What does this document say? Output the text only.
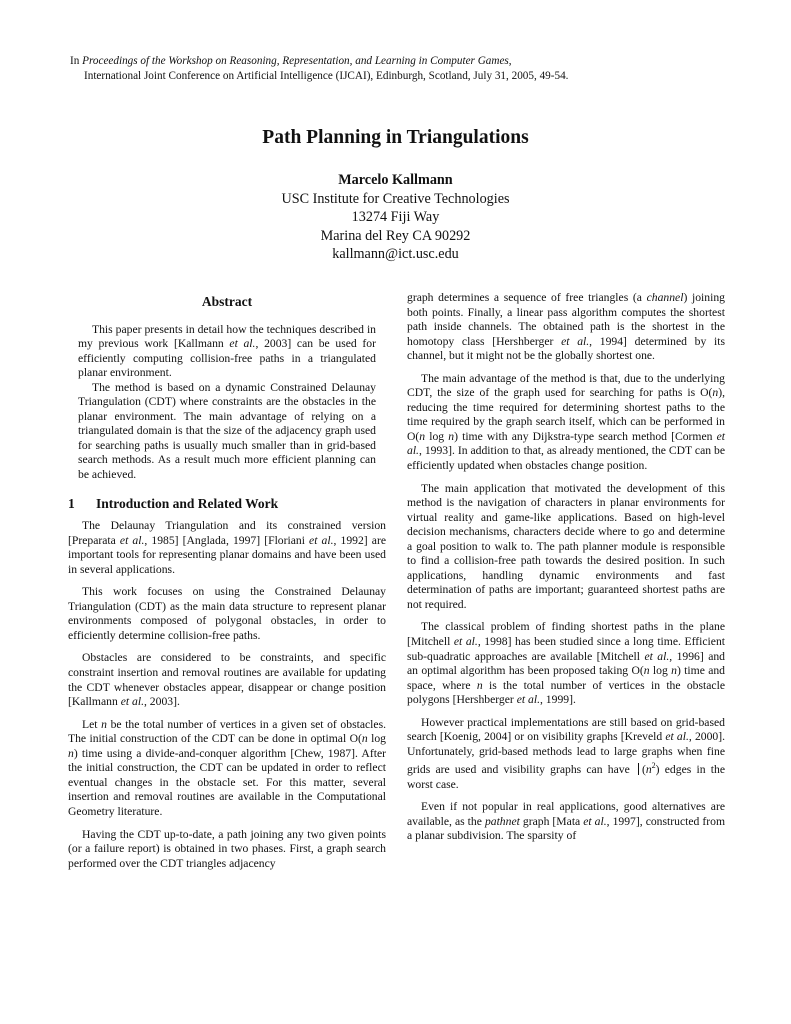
In Proceedings of the Workshop on Reasoning, Representation, and Learning in Computer Games,

International Joint Conference on Artificial Intelligence (IJCAI), Edinburgh, Scotland, July 31, 2005, 49-54.

Path Planning in Triangulations
Marcelo Kallmann
USC Institute for Creative Technologies
13274 Fiji Way
Marina del Rey CA 90292
kallmann@ict.usc.edu
Abstract

This paper presents in detail how the techniques described in my previous work [Kallmann et al., 2003] can be used for efficiently computing collision-free paths in a triangulated planar environment.

The method is based on a dynamic Constrained Delaunay Triangulation (CDT) where constraints are the obstacles in the planar environment. The main advantage of relying on a triangulated domain is that the size of the adjacency graph used for searching paths is usually much smaller than in grid-based search methods. As a result much more efficient planning can be achieved.

1	Introduction and Related Work

The Delaunay Triangulation and its constrained version [Preparata et al., 1985] [Anglada, 1997] [Floriani et al., 1992] are important tools for representing planar domains and have been used in several applications.

This work focuses on using the Constrained Delaunay Triangulation (CDT) as the main data structure to represent planar environments composed of polygonal obstacles, in order to efficiently determine collision-free paths.

Obstacles are considered to be constraints, and specific constraint insertion and removal routines are available for updating the CDT whenever obstacles appear, disappear or change position [Kallmann et al., 2003].

Let n be the total number of vertices in a given set of obstacles. The initial construction of the CDT can be done in optimal O(n log n) time using a divide-and-conquer algorithm [Chew, 1987]. After the initial construction, the CDT can be updated in order to reflect eventual changes in the obstacle set. For this matter, several insertion and removal routines are available in the Computational Geometry literature.

Having the CDT up-to-date, a path joining any two given points (or a failure report) is obtained in two phases. First, a graph search performed over the CDT triangles adjacency

graph determines a sequence of free triangles (a channel) joining both points. Finally, a linear pass algorithm computes the shortest path inside channels. The obtained path is the shortest in the homotopy class [Hershberger et al., 1994] determined by its channel, but it might not be the globally shortest one.

The main advantage of the method is that, due to the underlying CDT, the size of the graph used for searching for paths is O(n), reducing the time required for determining shortest paths to the time required by the graph search itself, which can be performed in O(n log n) time with any Dijkstra-type search method [Cormen et al., 1993]. In addition to that, as already mentioned, the CDT can be efficiently updated when obstacles change position.

The main application that motivated the development of this method is the navigation of characters in planar environments for virtual reality and game-like applications. Based on high-level decision mechanisms, characters decide where to go and determine a goal position to walk to. The path planner module is responsible to find a collision-free path towards the desired position. In such applications, handling dynamic environments and fast determination of paths are important; guaranteed shortest paths are not required.

The classical problem of finding shortest paths in the plane [Mitchell et al., 1998] has been studied since a long time. Efficient sub-quadratic approaches are available [Mitchell et al., 1996] and an optimal algorithm has been proposed taking O(n log n) time and space, where n is the total number of vertices in the obstacle polygons [Hershberger et al., 1999].

However practical implementations are still based on grid-based search [Koenig, 2004] or on visibility graphs [Kreveld et al., 2000]. Unfortunately, grid-based methods lead to large graphs when fine grids are used and visibility graphs can have $(n^2)$ edges in the worst case.

Even if not popular in real applications, good alternatives are available, as the pathnet graph [Mata et al., 1997], constructed from a planar subdivision. The sparsity of
